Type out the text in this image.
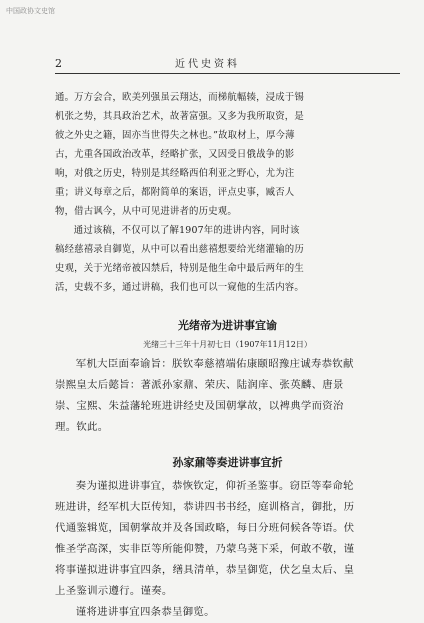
中国政协文史馆
2	近代史资料

通。万方会合，欧美列强虽云翔达，而梯航輻辏，浸成于锡

机张之势，其具政治艺术，故著富强。又多为我所取资，是

彼之外史之籍，固亦当世得失之林也。”故取材上，厚今薄

古，尤重各国政治改革，经略扩张，又因受日俄战争的影

响，对俄之历史，特别是其经略西伯利亚之野心，尤为注

重；讲义每章之后，都附简单的案语，评点史事，臧否人

物，借古讽今，从中可见进讲者的历史观。

通过该稿，不仅可以了解1907年的进讲内容，同时该

稿经慈禧录自御览，从中可以看出慈禧想要给光绪灌输的历

史观，关于光绪帝被囚禁后，特别是他生命中最后两年的生

活，史载不多，通过讲稿，我们也可以一窥他的生活内容。

光绪帝为进讲事宜谕
光绪三十三年十月初七日（1907年11月12日）

军机大臣面奉谕旨：朕钦奉慈禧端佑康颐昭豫庄诚寿恭钦献

崇熙皇太后懿旨：著派孙家鼐、荣庆、陆润庠、张英麟、唐景

崇、宝熙、朱益藩轮班进讲经史及国朝掌故，以裨典学而资治

理。钦此。

孙家鼐等奏进讲事宜折

奏为谨拟进讲事宜，恭恢钦定，仰祈圣鉴事。窃臣等奉命轮

班进讲，经军机大臣传知，恭讲四书书经，庭训格言，御批，历

代通鉴辑览，国朝掌故并及各国政略，每日分班伺候各等语。伏

惟圣学高深，实非臣等所能仰赞，乃蒙乌荛下采，何敢不敬，谨

将事谨拟进讲事宜四条，缮具清单，恭呈御览，伏乞皇太后、皇

上圣鉴训示遵行。谨奏。

谨将进讲事宜四条恭呈御览。
